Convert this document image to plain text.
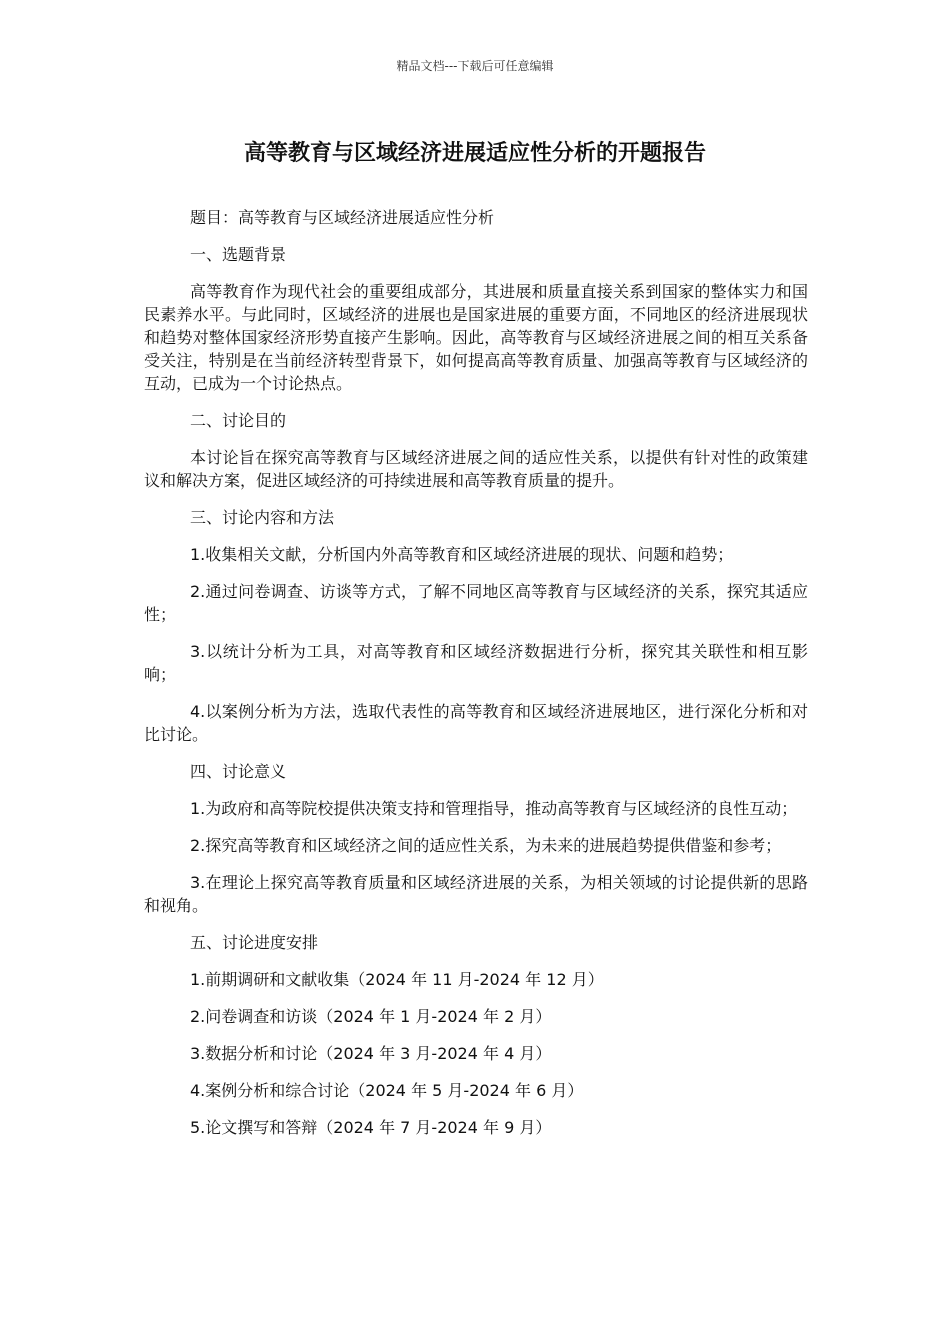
精品文档---下载后可任意编辑
高等教育与区域经济进展适应性分析的开题报告

题目：高等教育与区域经济进展适应性分析

一、选题背景

高等教育作为现代社会的重要组成部分，其进展和质量直接关系到国家的整体实力和国民素养水平。与此同时，区域经济的进展也是国家进展的重要方面，不同地区的经济进展现状和趋势对整体国家经济形势直接产生影响。因此，高等教育与区域经济进展之间的相互关系备受关注，特别是在当前经济转型背景下，如何提高高等教育质量、加强高等教育与区域经济的互动，已成为一个讨论热点。

二、讨论目的

本讨论旨在探究高等教育与区域经济进展之间的适应性关系，以提供有针对性的政策建议和解决方案，促进区域经济的可持续进展和高等教育质量的提升。

三、讨论内容和方法

1.收集相关文献，分析国内外高等教育和区域经济进展的现状、问题和趋势；

2.通过问卷调查、访谈等方式，了解不同地区高等教育与区域经济的关系，探究其适应性；

3.以统计分析为工具，对高等教育和区域经济数据进行分析，探究其关联性和相互影响；

4.以案例分析为方法，选取代表性的高等教育和区域经济进展地区，进行深化分析和对比讨论。

四、讨论意义

1.为政府和高等院校提供决策支持和管理指导，推动高等教育与区域经济的良性互动；

2.探究高等教育和区域经济之间的适应性关系，为未来的进展趋势提供借鉴和参考；

3.在理论上探究高等教育质量和区域经济进展的关系，为相关领域的讨论提供新的思路和视角。

五、讨论进度安排

1.前期调研和文献收集（2024 年 11 月-2024 年 12 月）

2.问卷调查和访谈（2024 年 1 月-2024 年 2 月）

3.数据分析和讨论（2024 年 3 月-2024 年 4 月）

4.案例分析和综合讨论（2024 年 5 月-2024 年 6 月）

5.论文撰写和答辩（2024 年 7 月-2024 年 9 月）
